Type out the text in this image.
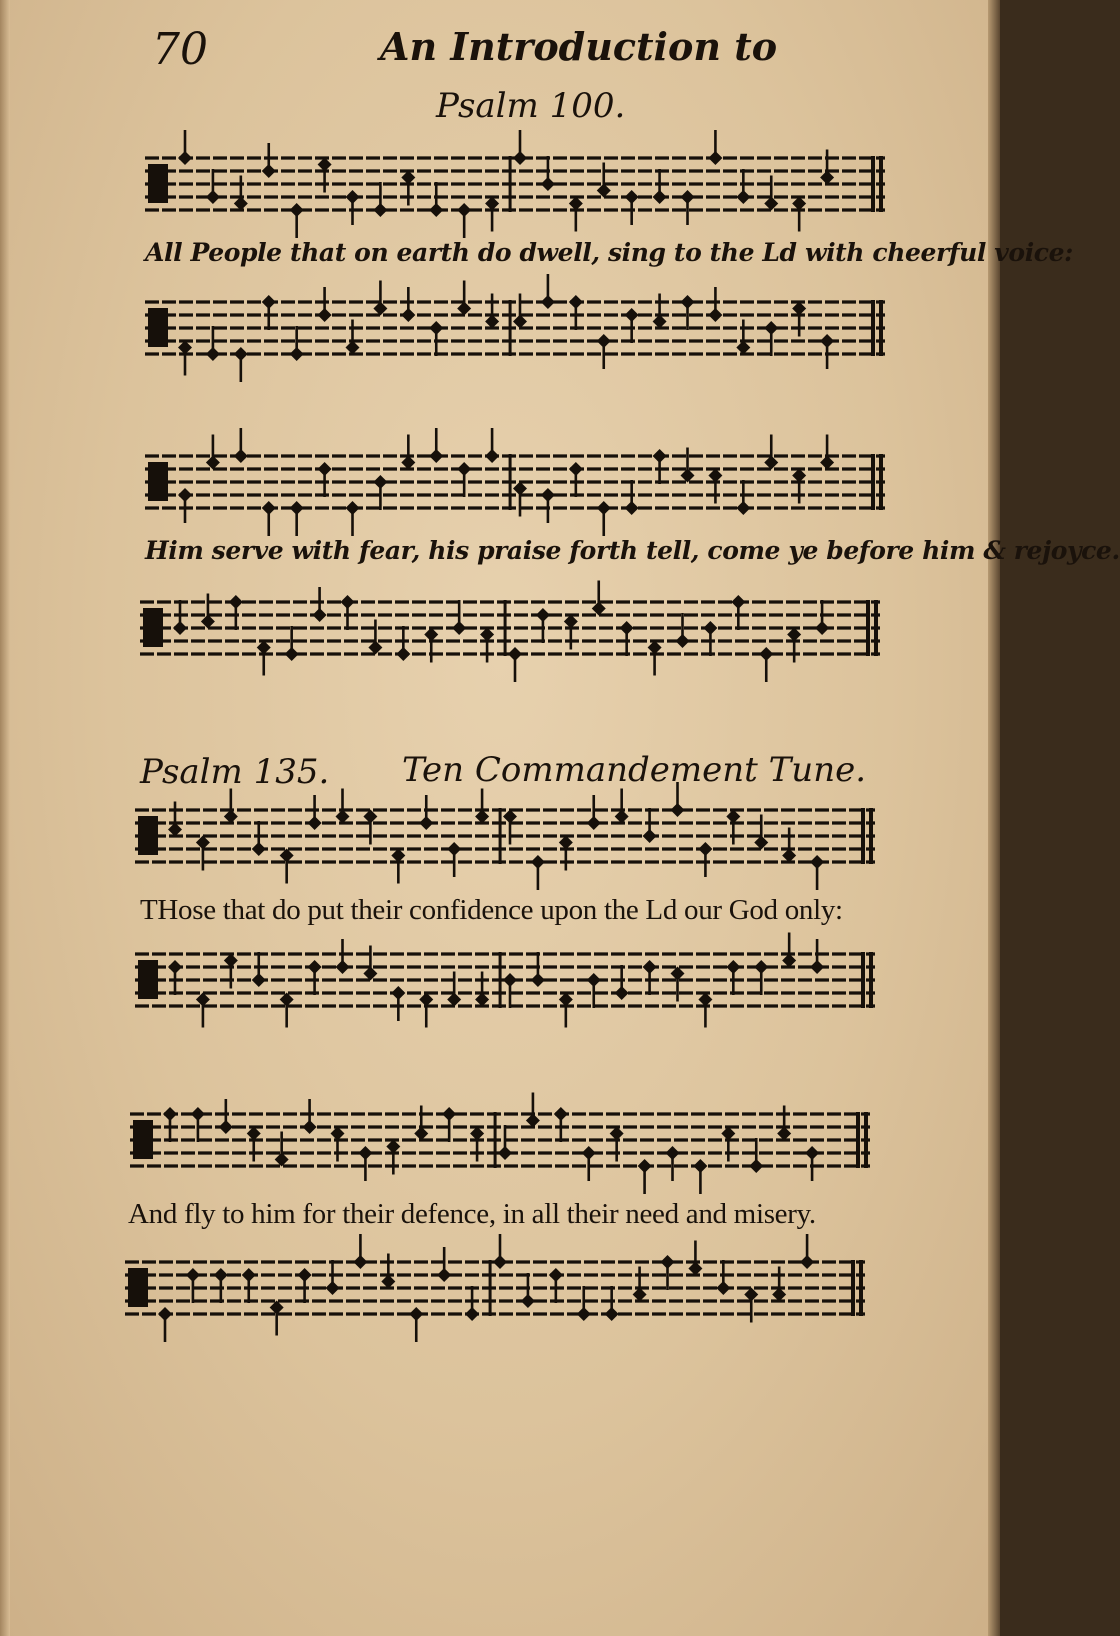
70	An Introduction to
Psalm 100.
All People that on earth do dwell, sing to the Ld with cheerful voice:
Him serve with fear, his praise forth tell, come ye before him & rejoyce.
Psalm 135. Ten Commandement Tune.
THose that do put their confidence upon the Ld our God only:
And fly to him for their defence, in all their need and misery.
